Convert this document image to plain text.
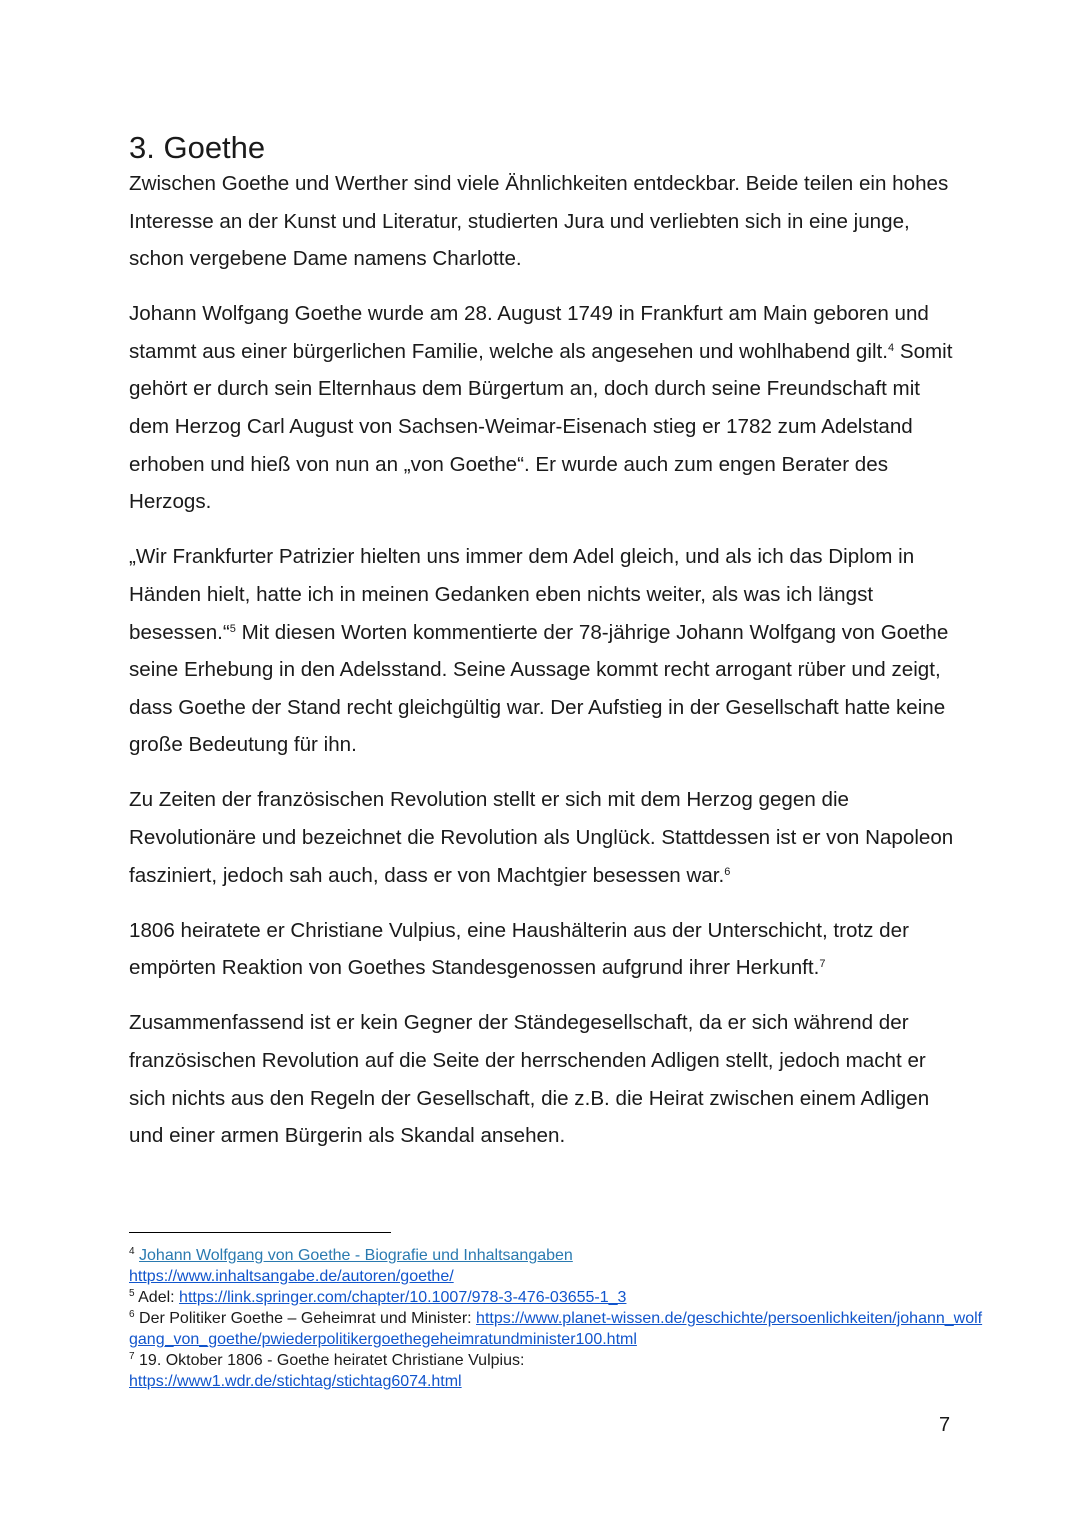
3. Goethe

Zwischen Goethe und Werther sind viele Ähnlichkeiten entdeckbar. Beide teilen ein hohes Interesse an der Kunst und Literatur, studierten Jura und verliebten sich in eine junge, schon vergebene Dame namens Charlotte.

Johann Wolfgang Goethe wurde am 28. August 1749 in Frankfurt am Main geboren und stammt aus einer bürgerlichen Familie, welche als angesehen und wohlhabend gilt.$^4$ Somit gehört er durch sein Elternhaus dem Bürgertum an, doch durch seine Freundschaft mit dem Herzog Carl August von Sachsen-Weimar-Eisenach stieg er 1782 zum Adelstand erhoben und hieß von nun an „von Goethe“. Er wurde auch zum engen Berater des Herzogs.

„Wir Frankfurter Patrizier hielten uns immer dem Adel gleich, und als ich das Diplom in Händen hielt, hatte ich in meinen Gedanken eben nichts weiter, als was ich längst besessen.“$^5$ Mit diesen Worten kommentierte der 78-jährige Johann Wolfgang von Goethe seine Erhebung in den Adelsstand. Seine Aussage kommt recht arrogant rüber und zeigt, dass Goethe der Stand recht gleichgültig war. Der Aufstieg in der Gesellschaft hatte keine große Bedeutung für ihn.

Zu Zeiten der französischen Revolution stellt er sich mit dem Herzog gegen die Revolutionäre und bezeichnet die Revolution als Unglück. Stattdessen ist er von Napoleon fasziniert, jedoch sah auch, dass er von Machtgier besessen war.$^6$

1806 heiratete er Christiane Vulpius, eine Haushälterin aus der Unterschicht, trotz der empörten Reaktion von Goethes Standesgenossen aufgrund ihrer Herkunft.$^7$

Zusammenfassend ist er kein Gegner der Ständegesellschaft, da er sich während der französischen Revolution auf die Seite der herrschenden Adligen stellt, jedoch macht er sich nichts aus den Regeln der Gesellschaft, die z.B. die Heirat zwischen einem Adligen und einer armen Bürgerin als Skandal ansehen.

$^4$ Johann Wolfgang von Goethe - Biografie und Inhaltsangaben
https://www.inhaltsangabe.de/autoren/goethe/

$^5$ Adel: https://link.springer.com/chapter/10.1007/978-3-476-03655-1_3

$^6$ Der Politiker Goethe – Geheimrat und Minister: https://www.planet-wissen.de/geschichte/persoenlichkeiten/johann_wolfgang_von_goethe/pwiederpolitikergoethegeheimratundminister100.html

$^7$ 19. Oktober 1806 - Goethe heiratet Christiane Vulpius:
https://www1.wdr.de/stichtag/stichtag6074.html

7
